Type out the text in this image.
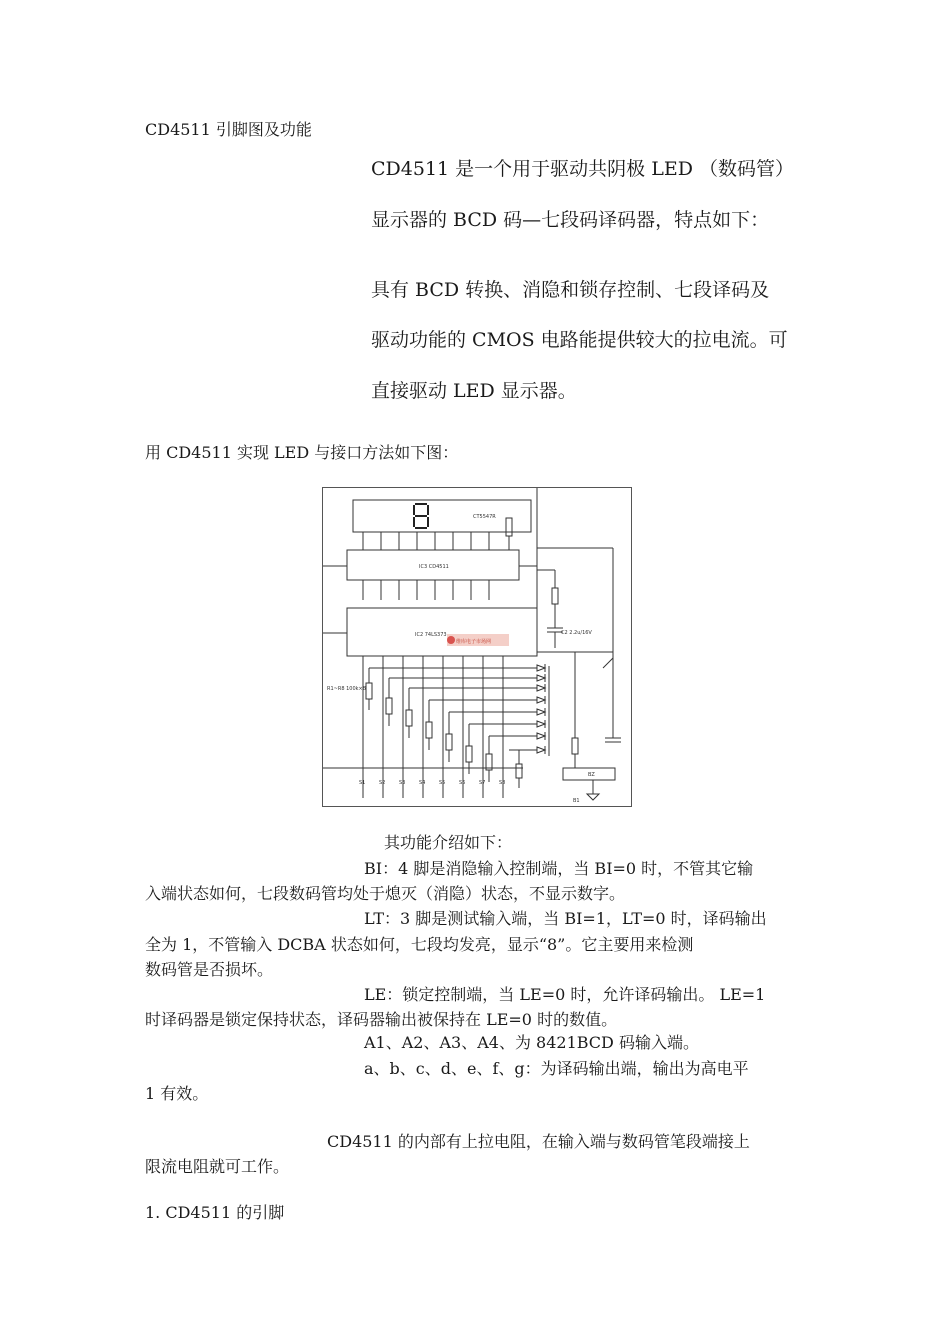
CD4511 引脚图及功能

CD4511 是一个用于驱动共阴极 LED （数码管）

显示器的 BCD 码—七段码译码器，特点如下：

具有 BCD 转换、消隐和锁存控制、七段译码及

驱动功能的 CMOS 电路能提供较大的拉电流。可

直接驱动 LED 显示器。

用 CD4511 实现 LED 与接口方法如下图：

CT5547R
IC3 CD4511
IC2 74LS373
维库电子市场网
R1~R8 100k×8
C2 2.2u/16V
BZ
B1
S1	S2	S3	S4	S5	S6	S7	S8

其功能介绍如下：

BI：4 脚是消隐输入控制端，当 BI=0 时，不管其它输

入端状态如何，七段数码管均处于熄灭（消隐）状态，不显示数字。

LT：3 脚是测试输入端，当 BI=1，LT=0 时，译码输出

全为 1，不管输入 DCBA 状态如何，七段均发亮，显示“8”。它主要用来检测

数码管是否损坏。

LE：锁定控制端，当 LE=0 时，允许译码输出。 LE=1

时译码器是锁定保持状态，译码器输出被保持在 LE=0 时的数值。

A1、A2、A3、A4、为 8421BCD 码输入端。

a、b、c、d、e、f、g：为译码输出端，输出为高电平

1 有效。

CD4511 的内部有上拉电阻，在输入端与数码管笔段端接上

限流电阻就可工作。

1. CD4511 的引脚
